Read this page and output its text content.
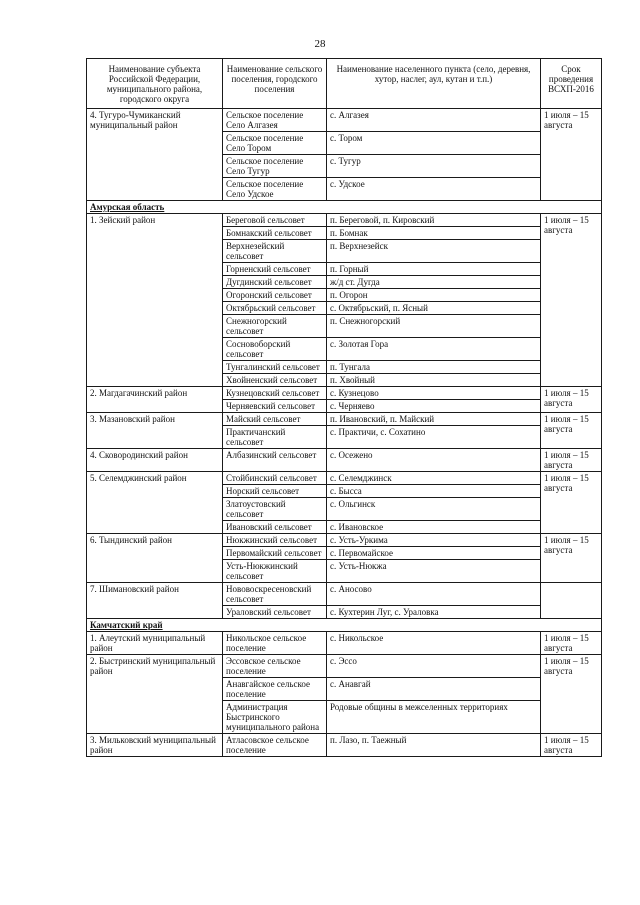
28
Наименование субъекта Российской Федерации, муниципального района, городского округа	Наименование сельского поселения, городского поселения	Наименование населенного пункта (село, деревня, хутор, наслег, аул, кутан и т.п.)	Срок проведения ВСХП-2016
4. Тугуро-Чумиканский муниципальный район	Сельское поселение Село Алгазея	с. Алгазея	1 июля – 15 августа
	Сельское поселение Село Тором	с. Тором	
	Сельское поселение Село Тугур	с. Тугур	
	Сельское поселение Село Удское	с. Удское	
Амурская область			
1. Зейский район	Береговой сельсовет	п. Береговой, п. Кировский	1 июля – 15 августа
	Бомнакский сельсовет	п. Бомнак	
	Верхнезейский сельсовет	п. Верхнезейск	
	Горненский сельсовет	п. Горный	
	Дугдинский сельсовет	ж/д ст. Дугда	
	Огоронский сельсовет	п. Огорон	
	Октябрьский сельсовет	с. Октябрьский, п. Ясный	
	Снежногорский сельсовет	п. Снежногорский	
	Сосновоборский сельсовет	с. Золотая Гора	
	Тунгалинский сельсовет	п. Тунгала	
	Хвойненский сельсовет	п. Хвойный	
2. Магдагачинский район	Кузнецовский сельсовет	с. Кузнецово	1 июля – 15 августа
	Черняевский сельсовет	с. Черняево	
3. Мазановский район	Майский сельсовет	п. Ивановский, п. Майский	1 июля – 15 августа
	Практичанский сельсовет	с. Практичи, с. Сохатино	
4. Сковородинский район	Албазинский сельсовет	с. Осежено	1 июля – 15 августа
5. Селемджинский район	Стойбинский сельсовет	с. Селемджинск	1 июля – 15 августа
	Норский сельсовет	с. Бысса	
	Златоустовский сельсовет	с. Ольгинск	
	Ивановский сельсовет	с. Ивановское	
6. Тындинский район	Нюкжинский сельсовет	с. Усть-Уркима	1 июля – 15 августа
	Первомайский сельсовет	с. Первомайское	
	Усть-Нюкжинский сельсовет	с. Усть-Нюкжа	
7. Шимановский район	Нововоскресеновский сельсовет	с. Аносово	
	Ураловский сельсовет	с. Кухтерин Луг, с. Ураловка	
Камчатский край			
1. Алеутский муниципальный район	Никольское сельское поселение	с. Никольское	1 июля – 15 августа
2. Быстринский муниципальный район	Эссовское сельское поселение	с. Эссо	1 июля – 15 августа
	Анавгайское сельское поселение	с. Анавгай	
	Администрация Быстринского муниципального района	Родовые общины в межселенных территориях	
3. Мильковский муниципальный район	Атласовское сельское поселение	п. Лазо, п. Таежный	1 июля – 15 августа
